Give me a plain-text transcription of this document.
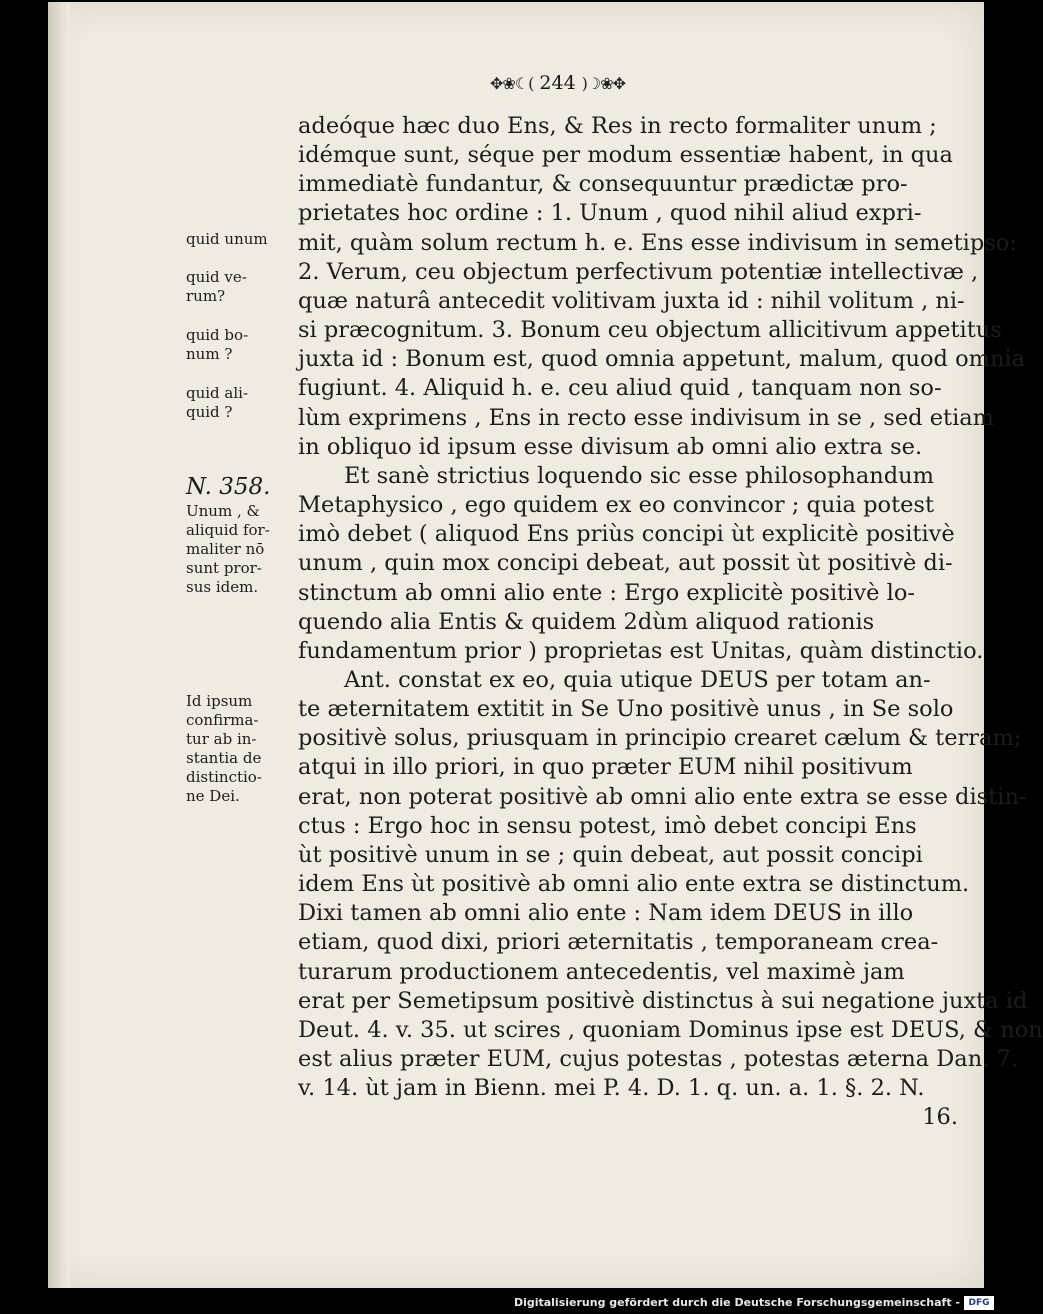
✥❀☾( 244 )☽❀✥
adeóque hæc duo Ens, & Res in recto formaliter unum ;
idémque sunt, séque per modum essentiæ habent, in qua
immediatè fundantur, & consequuntur prædictæ pro-
prietates hoc ordine : 1. Unum , quod nihil aliud expri-
mit, quàm solum rectum h. e. Ens esse indivisum in semetipso:
2. Verum, ceu objectum perfectivum potentiæ intellectivæ ,
quæ naturâ antecedit volitivam juxta id : nihil volitum , ni-
si præcognitum. 3. Bonum ceu objectum allicitivum appetitus
juxta id : Bonum est, quod omnia appetunt, malum, quod omnia
fugiunt. 4. Aliquid h. e. ceu aliud quid , tanquam non so-
lùm exprimens , Ens in recto esse indivisum in se , sed etiam
in obliquo id ipsum esse divisum ab omni alio extra se.
Et sanè strictius loquendo sic esse philosophandum
Metaphysico , ego quidem ex eo convincor ; quia potest
imò debet ( aliquod Ens priùs concipi ùt explicitè positivè
unum , quin mox concipi debeat, aut possit ùt positivè di-
stinctum ab omni alio ente : Ergo explicitè positivè lo-
quendo alia Entis & quidem 2dùm aliquod rationis
fundamentum prior ) proprietas est Unitas, quàm distinctio.
Ant. constat ex eo, quia utique DEUS per totam an-
te æternitatem extitit in Se Uno positivè unus , in Se solo
positivè solus, priusquam in principio crearet cælum & terram;
atqui in illo priori, in quo præter EUM nihil positivum
erat, non poterat positivè ab omni alio ente extra se esse distin-
ctus : Ergo hoc in sensu potest, imò debet concipi Ens
ùt positivè unum in se ; quin debeat, aut possit concipi
idem Ens ùt positivè ab omni alio ente extra se distinctum.
Dixi tamen ab omni alio ente : Nam idem DEUS in illo
etiam, quod dixi, priori æternitatis , temporaneam crea-
turarum productionem antecedentis, vel maximè jam
erat per Semetipsum positivè distinctus à sui negatione juxta id
Deut. 4. v. 35. ut scires , quoniam Dominus ipse est DEUS, & non
est alius præter EUM, cujus potestas , potestas æterna Dan. 7.
v. 14. ùt jam in Bienn. mei P. 4. D. 1. q. un. a. 1. §. 2. N.
16.
quid unum
quid ve-
rum?
quid bo-
num ?
quid ali-
quid ?
N. 358.
Unum , &
aliquid for-
maliter nō
sunt pror-
sus idem.
Id ipsum
confirma-
tur ab in-
stantia de
distinctio-
ne Dei.
Digitalisierung gefördert durch die Deutsche Forschungsgemeinschaft - DFG
